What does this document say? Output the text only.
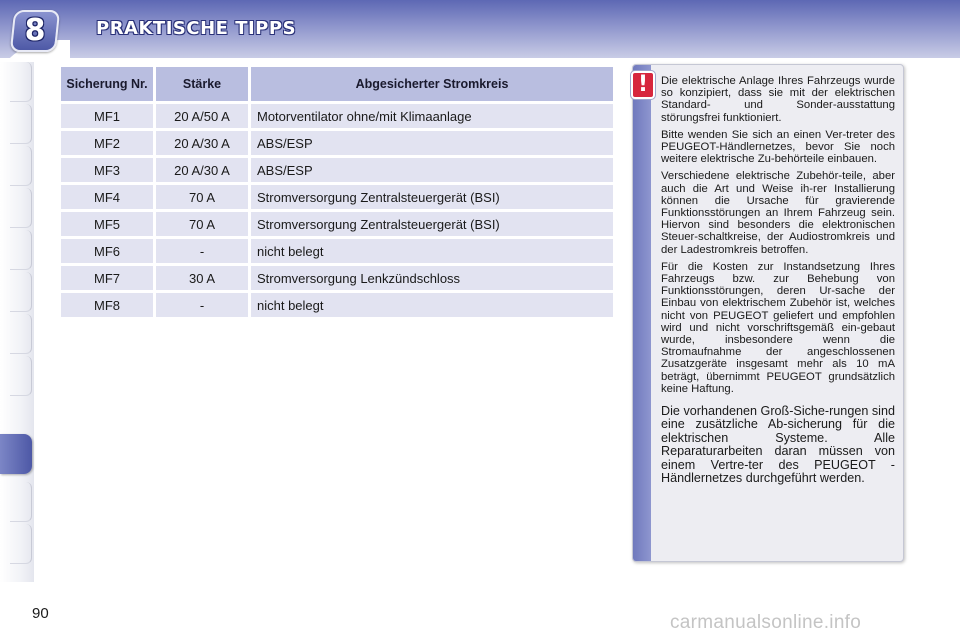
8	PRAKTISCHE TIPPS
Sicherung Nr.	Stärke	Abgesicherter Stromkreis
MF1	20 A/50 A	Motorventilator ohne/mit Klimaanlage
MF2	20 A/30 A	ABS/ESP
MF3	20 A/30 A	ABS/ESP
MF4	70 A	Stromversorgung Zentralsteuergerät (BSI)
MF5	70 A	Stromversorgung Zentralsteuergerät (BSI)
MF6	-	nicht belegt
MF7	30 A	Stromversorgung Lenkzündschloss
MF8	-	nicht belegt
!	Die elektrische Anlage Ihres Fahrzeugs wurde so konzipiert, dass sie mit der elektrischen Standard- und Sonder-ausstattung störungsfrei funktioniert.

Bitte wenden Sie sich an einen Ver-treter des PEUGEOT-Händlernetzes, bevor Sie noch weitere elektrische Zu-behörteile einbauen.

Verschiedene elektrische Zubehör-teile, aber auch die Art und Weise ih-rer Installierung können die Ursache für gravierende Funktionsstörungen an Ihrem Fahrzeug sein. Hiervon sind besonders die elektronischen Steuer-schaltkreise, der Audiostromkreis und der Ladestromkreis betroffen.

Für die Kosten zur Instandsetzung Ihres Fahrzeugs bzw. zur Behebung von Funktionsstörungen, deren Ur-sache der Einbau von elektrischem Zubehör ist, welches nicht von PEUGEOT geliefert und empfohlen wird und nicht vorschriftsgemäß ein-gebaut wurde, insbesondere wenn die Stromaufnahme der angeschlossenen Zusatzgeräte insgesamt mehr als 10 mA beträgt, übernimmt PEUGEOT grundsätzlich keine Haftung.

Die vorhandenen Groß-Siche-rungen sind eine zusätzliche Ab-sicherung für die elektrischen Systeme. Alle Reparaturarbeiten daran müssen von einem Vertre-ter des PEUGEOT -Händlernetzes durchgeführt werden.

90	carmanualsonline.info
